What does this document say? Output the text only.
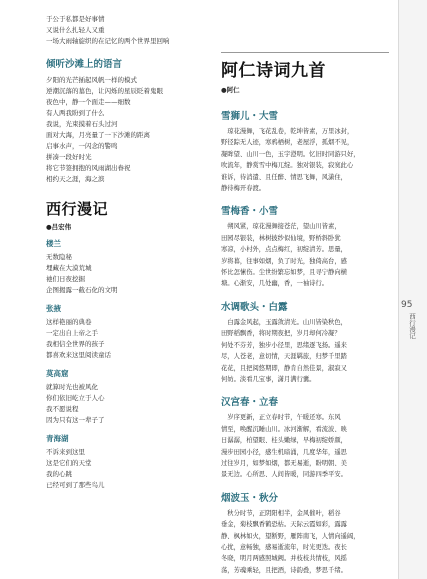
95
西行漫记

于公于私都是好事情

又说什么扎轻人又重

一场大雨轴旋织的在记忆的两个世界里回响

倾听沙滩上的语言

夕阳的光芒插起风帆一样的模式

逆潮沉落的墓色，让闪烁的星辰眨着鬼眼

夜色中，静一个面走——细数

有人两我盼到了什么

我说，光束摸着石头过河

面对大海，月亮量了一下沙滩的距离

启事水声，一闪念的警鸣

拼凑一段好时光

将它节签拥抱的风雨湖出眷祝

相约天之涯，海之滨

西行漫记
●吕宏伟
楼兰

无数隐秘

埋藏在大漠荒城

祂们日夜挖掘

企图揭露一截石化的文明

张掖

这样艳丽的典卷

一定出自上帝之手

我相信全世界的孩子

都喜欢来这里阅读童话

莫高窟

就算时光也被风化

你们依旧屹立于人心

我不愿说程

因为只有这一辈子了

青海湖

不诉来到这里

这是它们的天堂

我的心跳

已经可到了那些鸟儿

阿仁诗词九首
●阿仁
雪狮儿・大雪

　琼花漫舞，飞花乱卷，乾坤皆素，万里冰封，

野径踪无人迹，寒鸦栖树，老屋浮，孤烟不见，

凝眸望、山川一色，玉宇澄明。忆旧时同游只好，

吹流年，静赏雪中梅兀绽。独对银装，寂寞此心

谁诉，待消遣、且任醉、情思飞舞，风潇住，

静待梅开春渡。

雪梅香・小雪

　朔风紧，琼花漫舞接苍茫，望山川皆素，

田园尽银装，林树披纱似仙境，野桥斜卧犹

寒凉，小村外，点点梅红，初绽清芳。思量，

岁将暮，往事如烟，负了时光，独倚高台，感

怀比怎愫伤。尘世纷繁忘如梦，且寻宁静向横

塘。心渐安，几处幽，香，一袖诗行。

水调歌头・白露

　白露金风起，玉露敛清光。山川皆染秋色，

田野稻飘香，将时期夜把，岁月却何冷凝？

何处不芬芳，独步小径里，思绪逐飞扬。遥来

尽，人苍老，意切情，天涯羁旅，归梦千里踏

花花，且把阅悠期即，静肯自然佳景，淑寂又

何妨。淡看几宝事，潇月满行囊。

汉宫春・立春

　岁序更新，正立春时节，午暖还寒。东风

情至，唤醒沉睡山川。冰河渐解，看流波、映

日潺潺，柏望眼、桂头嫩绿，早梅初绽娇颜，

漫步田园小径，感生机暗涌，几度华年，遥思

过往岁月，如梦如烟，都无易逝，盼明朝、美

景无边。心所思、人间皆暖，同游四季平安。

烟波玉・秋分

　秋分时节，正阴阳相半，金风催叶，稻谷

垂金，菊枝飘香鹤恐枯。天际云霞如彩，露露

静、枫林如火，望断野，雁阵南飞，人情向遥阔，

心扰，意畅独，感易逝流年，时光更迭。夜长

冬晓，明月两感照城阙。并枝枝共情枝，风摇

荡，芳魂乘轻，且把酒，诗韵叠，梦思千绪。
